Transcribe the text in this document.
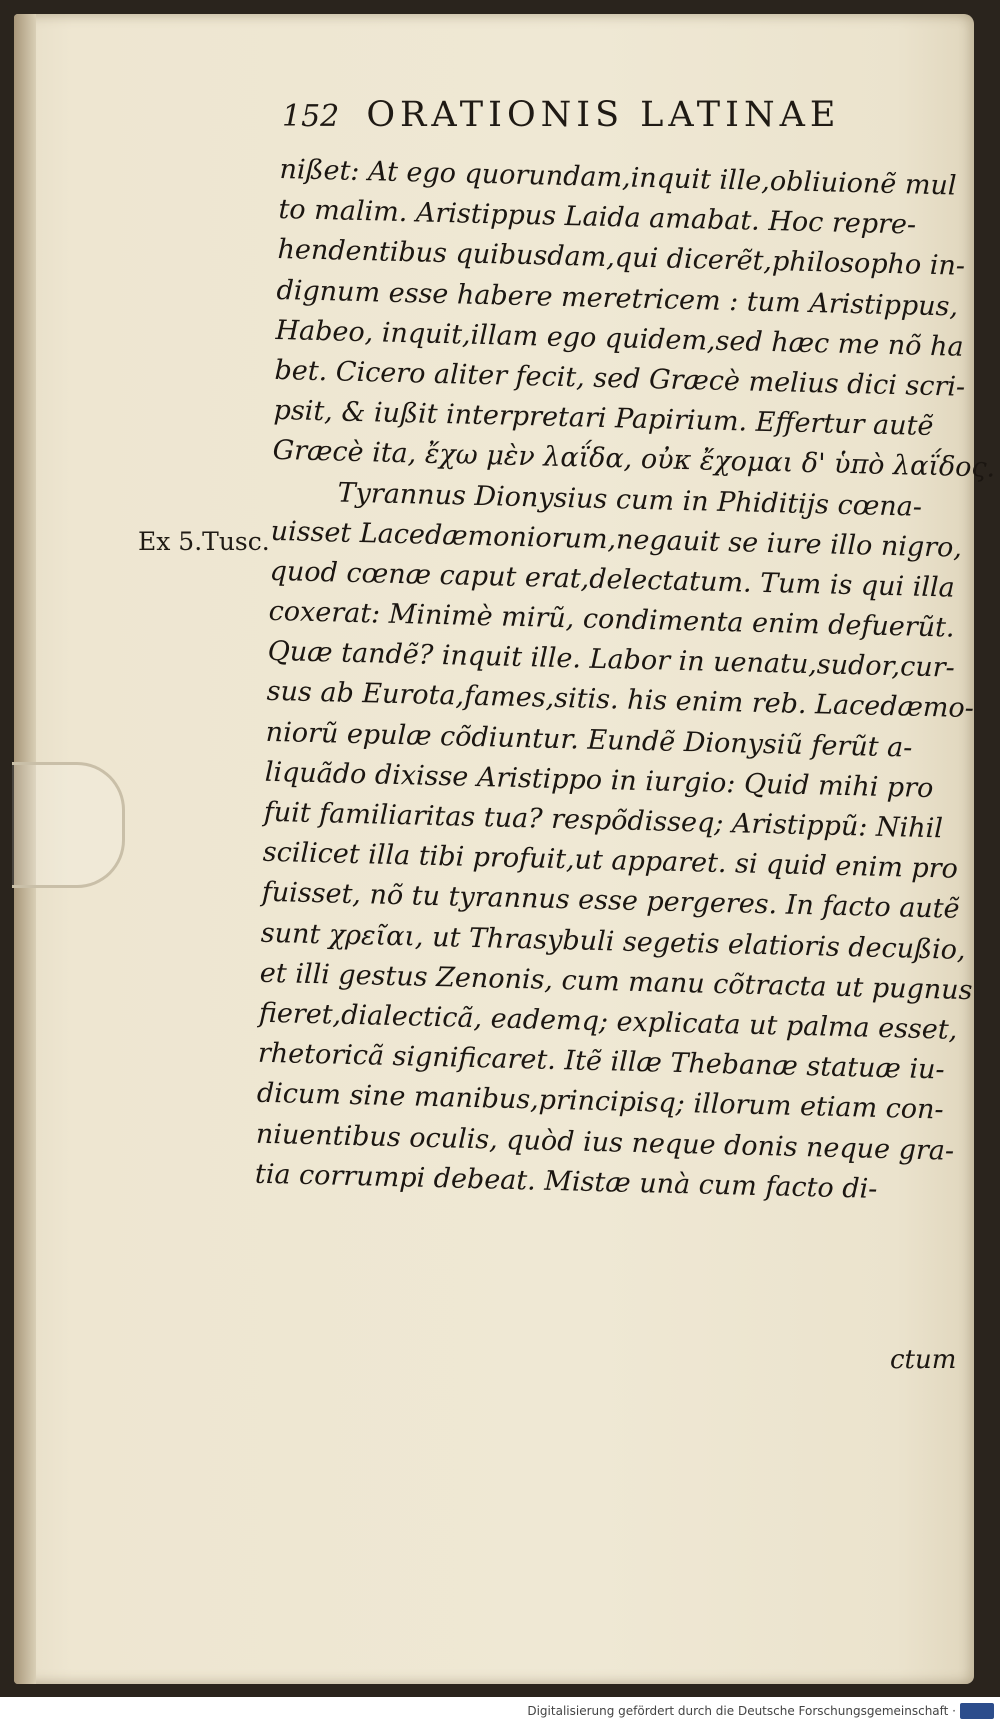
152 ORATIONIS LATINAE
Ex 5.Tusc.
nißet: At ego quorundam,inquit ille,obliuionẽ mul
to malim. Aristippus Laida amabat. Hoc repre-
hendentibus quibusdam,qui dicerẽt,philosopho in-
dignum esse habere meretricem : tum Aristippus,
Habeo, inquit,illam ego quidem,sed hæc me nõ ha
bet. Cicero aliter fecit, sed Græcè melius dici scri-
psit, & iußit interpretari Papirium. Effertur autẽ
Græcè ita, ἔχω μὲν λαΐδα, οὐκ ἔχομαι δ' ὑπὸ λαΐδος.
Tyrannus Dionysius cum in Phiditijs cœna-
uisset Lacedæmoniorum,negauit se iure illo nigro,
quod cœnæ caput erat,delectatum. Tum is qui illa
coxerat: Minimè mirũ, condimenta enim defuerũt.
Quæ tandẽ? inquit ille. Labor in uenatu,sudor,cur-
sus ab Eurota,fames,sitis. his enim reb. Lacedæmo-
niorũ epulæ cõdiuntur. Eundẽ Dionysiũ ferũt a-
liquãdo dixisse Aristippo in iurgio: Quid mihi pro
fuit familiaritas tua? respõdisseq; Aristippũ: Nihil
scilicet illa tibi profuit,ut apparet. si quid enim pro
fuisset, nõ tu tyrannus esse pergeres. In facto autẽ
sunt χρεῖαι, ut Thrasybuli segetis elatioris decußio,
et illi gestus Zenonis, cum manu cõtracta ut pugnus
fieret,dialecticã, eademq; explicata ut palma esset,
rhetoricã significaret. Itẽ illæ Thebanæ statuæ iu-
dicum sine manibus,principisq; illorum etiam con-
niuentibus oculis, quòd ius neque donis neque gra-
tia corrumpi debeat. Mistæ unà cum facto di-
ctum
Digitalisierung gefördert durch die Deutsche Forschungsgemeinschaft ·
